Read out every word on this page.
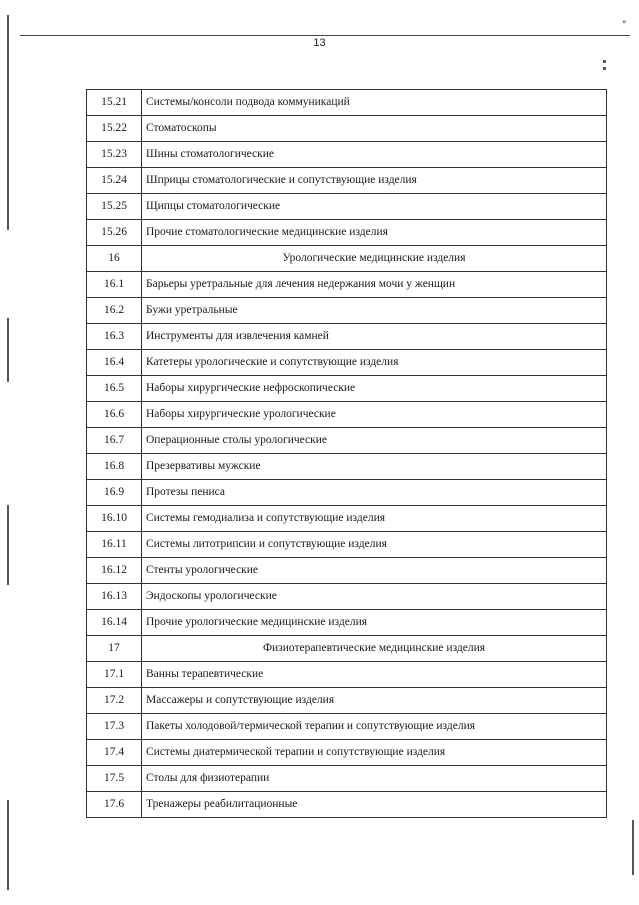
°
13
15.21	Системы/консоли подвода коммуникаций
15.22	Стоматоскопы
15.23	Шины стоматологические
15.24	Шприцы стоматологические и сопутствующие изделия
15.25	Щипцы стоматологические
15.26	Прочие стоматологические медицинские изделия
16	Урологические медицинские изделия
16.1	Барьеры уретральные для лечения недержания мочи у женщин
16.2	Бужи уретральные
16.3	Инструменты для извлечения камней
16.4	Катетеры урологические и сопутствующие изделия
16.5	Наборы хирургические нефроскопические
16.6	Наборы хирургические урологические
16.7	Операционные столы урологические
16.8	Презервативы мужские
16.9	Протезы пениса
16.10	Системы гемодиализа и сопутствующие изделия
16.11	Системы литотрипсии и сопутствующие изделия
16.12	Стенты урологические
16.13	Эндоскопы урологические
16.14	Прочие урологические медицинские изделия
17	Физиотерапевтические медицинские изделия
17.1	Ванны терапевтические
17.2	Массажеры и сопутствующие изделия
17.3	Пакеты холодовой/термической терапии и сопутствующие изделия
17.4	Системы диатермической терапии и сопутствующие изделия
17.5	Столы для физиотерапии
17.6	Тренажеры реабилитационные
